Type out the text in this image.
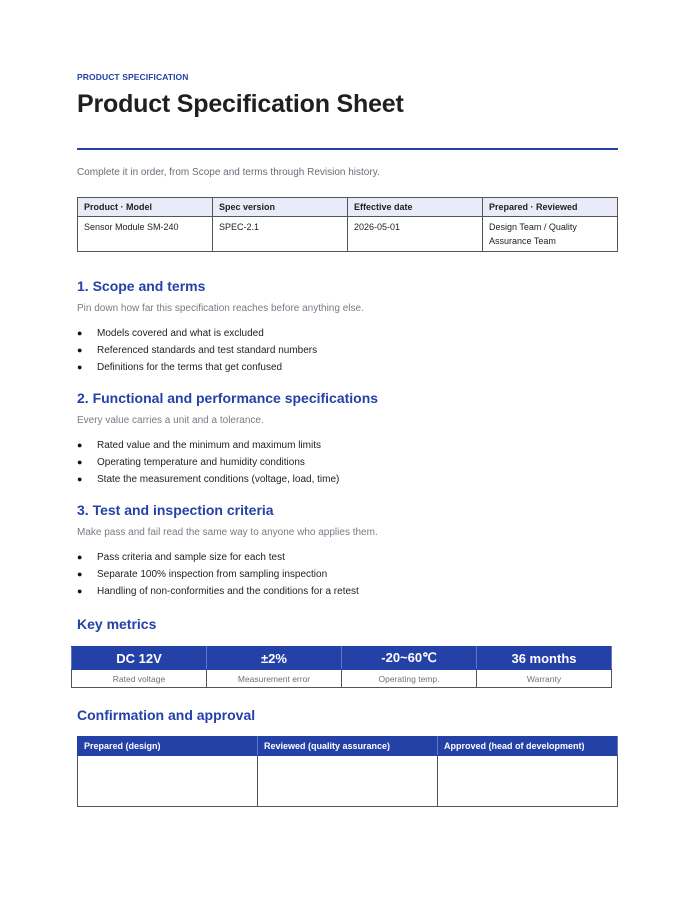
PRODUCT SPECIFICATION
Product Specification Sheet

Complete it in order, from Scope and terms through Revision history.

Product · Model	Spec version	Effective date	Prepared · Reviewed
Sensor Module SM-240	SPEC-2.1	2026-05-01	Design Team / Quality Assurance Team
1. Scope and terms

Pin down how far this specification reaches before anything else.

● Models covered and what is excluded
● Referenced standards and test standard numbers
● Definitions for the terms that get confused
2. Functional and performance specifications

Every value carries a unit and a tolerance.

● Rated value and the minimum and maximum limits
● Operating temperature and humidity conditions
● State the measurement conditions (voltage, load, time)
3. Test and inspection criteria

Make pass and fail read the same way to anyone who applies them.

● Pass criteria and sample size for each test
● Separate 100% inspection from sampling inspection
● Handling of non-conformities and the conditions for a retest
Key metrics
DC 12V	±2%	-20~60℃	36 months
Rated voltage	Measurement error	Operating temp.	Warranty
Confirmation and approval
Prepared (design)	Reviewed (quality assurance)	Approved (head of development)
